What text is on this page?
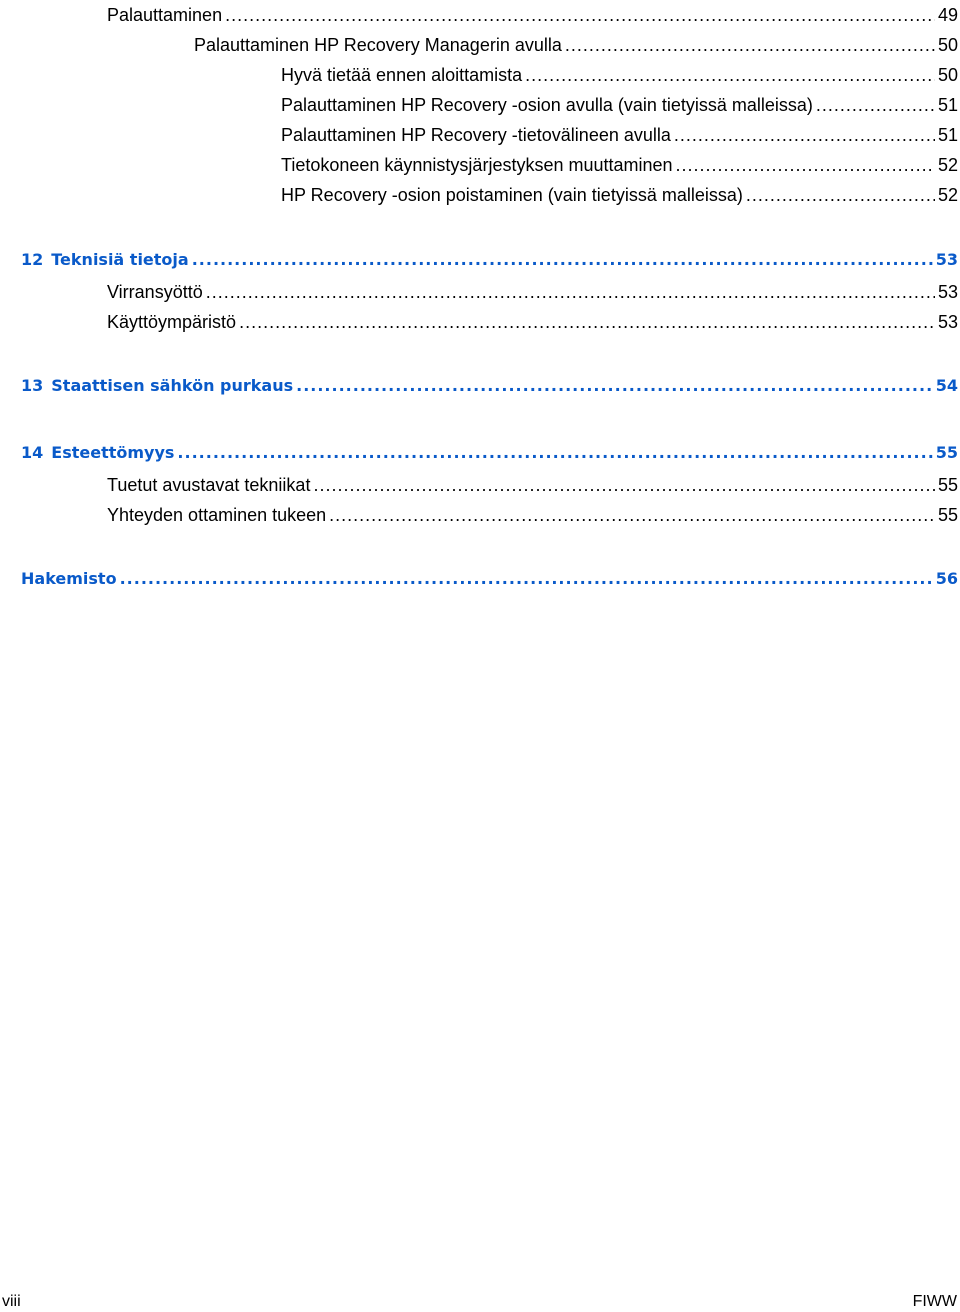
Palauttaminen .....	49
Palauttaminen HP Recovery Managerin avulla .....	50
Hyvä tietää ennen aloittamista .....	50
Palauttaminen HP Recovery -osion avulla (vain tietyissä malleissa) .....	51
Palauttaminen HP Recovery -tietovälineen avulla .....	51
Tietokoneen käynnistysjärjestyksen muuttaminen .....	52
HP Recovery -osion poistaminen (vain tietyissä malleissa) .....	52
12 Teknisiä tietoja .....	53
Virransyöttö .....	53
Käyttöympäristö .....	53
13 Staattisen sähkön purkaus .....	54
14 Esteettömyys .....	55
Tuetut avustavat tekniikat .....	55
Yhteyden ottaminen tukeen .....	55
Hakemisto .....	56
viii	FIWW
